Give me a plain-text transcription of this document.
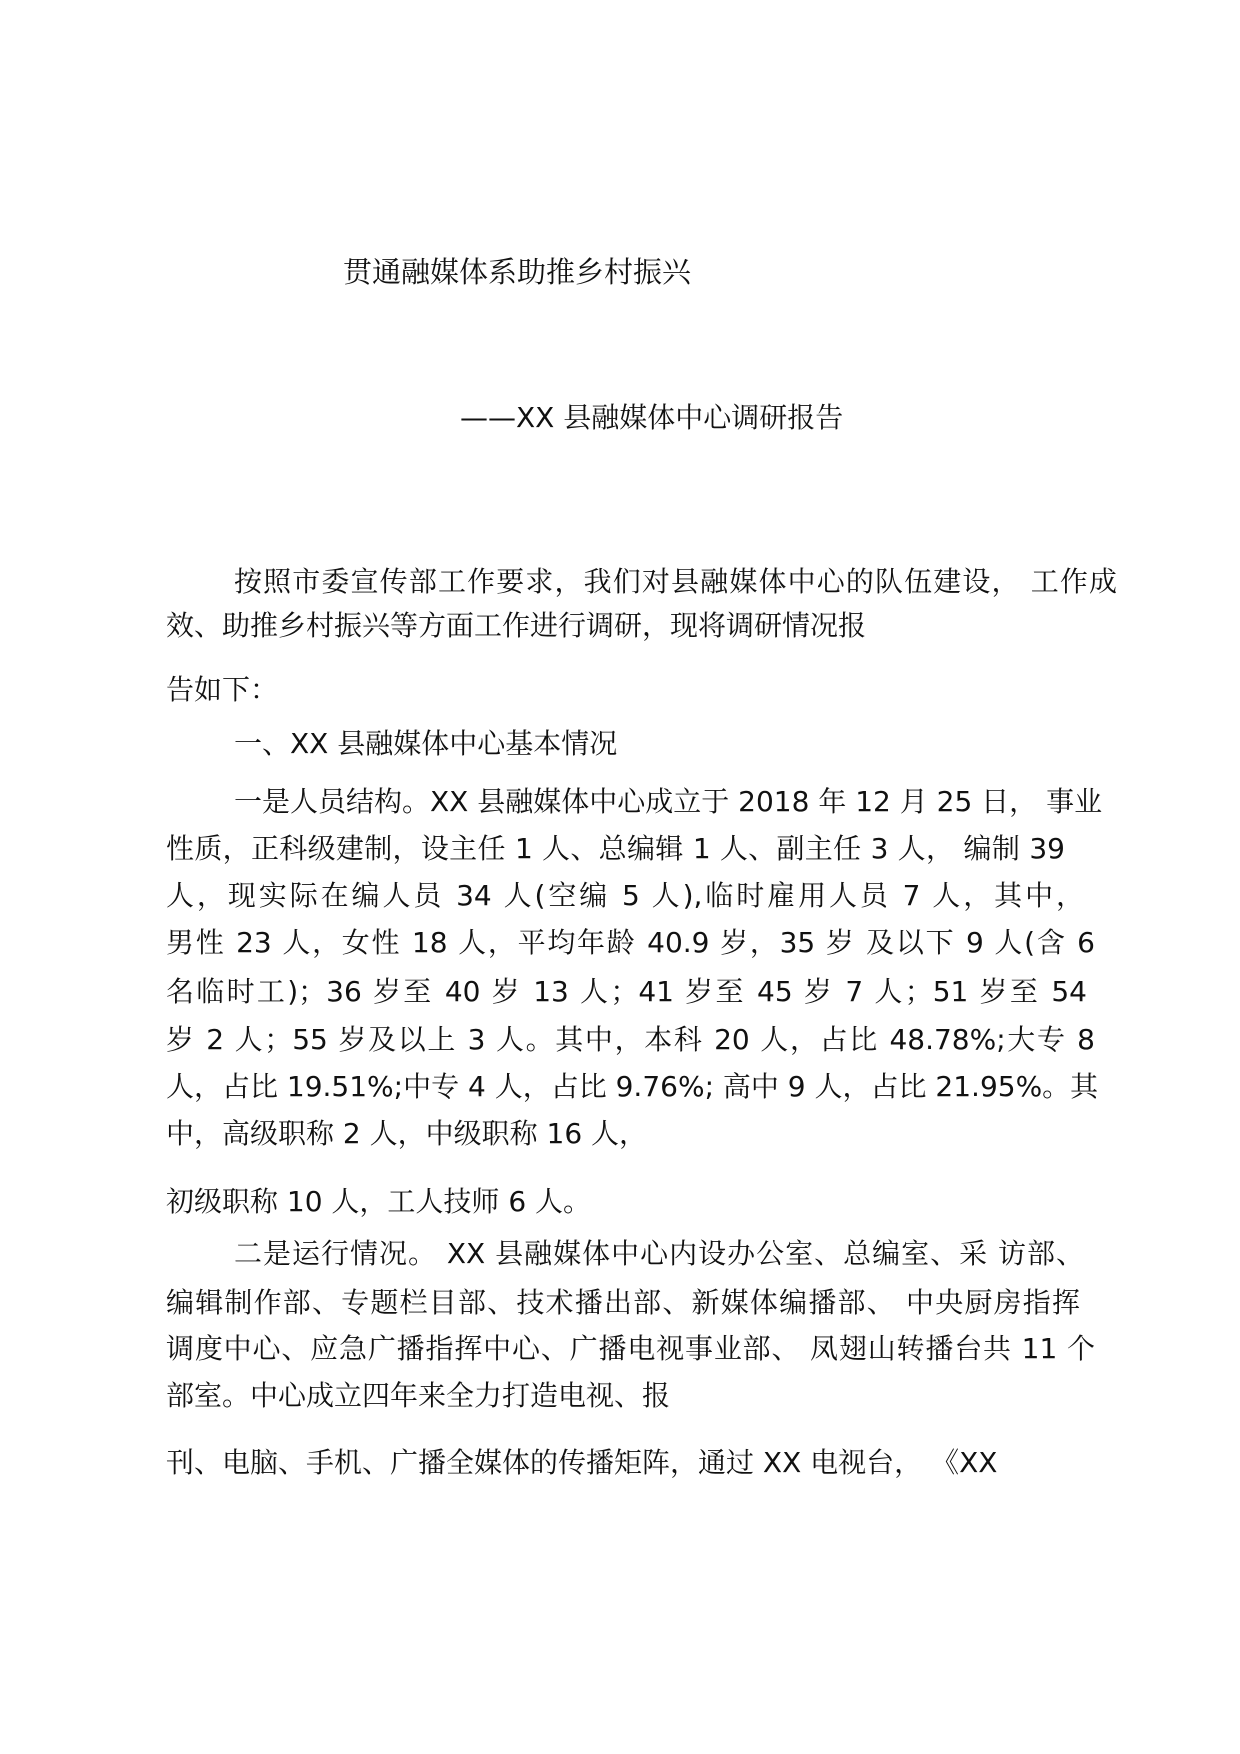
贯通融媒体系助推乡村振兴
——XX 县融媒体中心调研报告
按照市委宣传部工作要求，我们对县融媒体中心的队伍建设， 工作成
效、助推乡村振兴等方面工作进行调研，现将调研情况报
告如下：
一、XX 县融媒体中心基本情况
一是人员结构。XX 县融媒体中心成立于 2018 年 12 月 25 日， 事业
性质，正科级建制，设主任 1 人、总编辑 1 人、副主任 3 人， 编制 39
人，现实际在编人员 34 人(空编 5 人),临时雇用人员 7 人，其中，
男性 23 人，女性 18 人，平均年龄 40.9 岁，35 岁 及以下 9 人(含 6
名临时工)；36 岁至 40 岁 13 人；41 岁至 45 岁 7 人；51 岁至 54
岁 2 人；55 岁及以上 3 人。其中，本科 20 人，占比 48.78%;大专 8
人，占比 19.51%;中专 4 人，占比 9.76%; 高中 9 人，占比 21.95%。其
中，高级职称 2 人，中级职称 16 人，
初级职称 10 人，工人技师 6 人。
二是运行情况。 XX 县融媒体中心内设办公室、总编室、采 访部、
编辑制作部、专题栏目部、技术播出部、新媒体编播部、 中央厨房指挥
调度中心、应急广播指挥中心、广播电视事业部、 凤翅山转播台共 11 个
部室。中心成立四年来全力打造电视、报
刊、电脑、手机、广播全媒体的传播矩阵，通过 XX 电视台， 《XX
